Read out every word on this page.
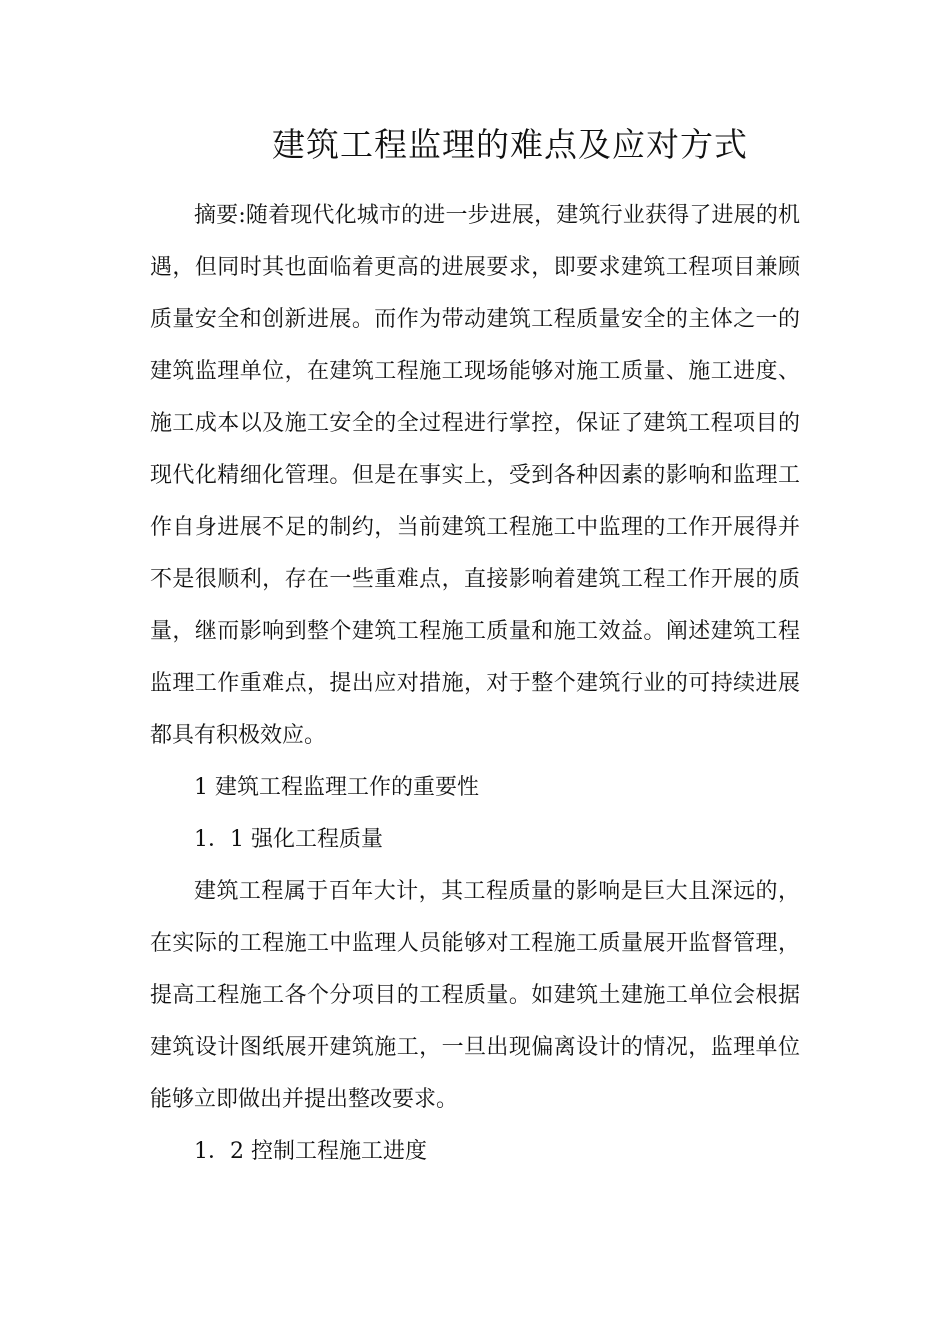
建筑工程监理的难点及应对方式

摘要:随着现代化城市的进一步进展，建筑行业获得了进展的机遇，但同时其也面临着更高的进展要求，即要求建筑工程项目兼顾质量安全和创新进展。而作为带动建筑工程质量安全的主体之一的建筑监理单位，在建筑工程施工现场能够对施工质量、施工进度、施工成本以及施工安全的全过程进行掌控，保证了建筑工程项目的现代化精细化管理。但是在事实上，受到各种因素的影响和监理工作自身进展不足的制约，当前建筑工程施工中监理的工作开展得并不是很顺利，存在一些重难点，直接影响着建筑工程工作开展的质量，继而影响到整个建筑工程施工质量和施工效益。阐述建筑工程监理工作重难点，提出应对措施，对于整个建筑行业的可持续进展都具有积极效应。

1 建筑工程监理工作的重要性

1．1 强化工程质量

建筑工程属于百年大计，其工程质量的影响是巨大且深远的，在实际的工程施工中监理人员能够对工程施工质量展开监督管理，提高工程施工各个分项目的工程质量。如建筑土建施工单位会根据建筑设计图纸展开建筑施工，一旦出现偏离设计的情况，监理单位能够立即做出并提出整改要求。

1．2 控制工程施工进度
